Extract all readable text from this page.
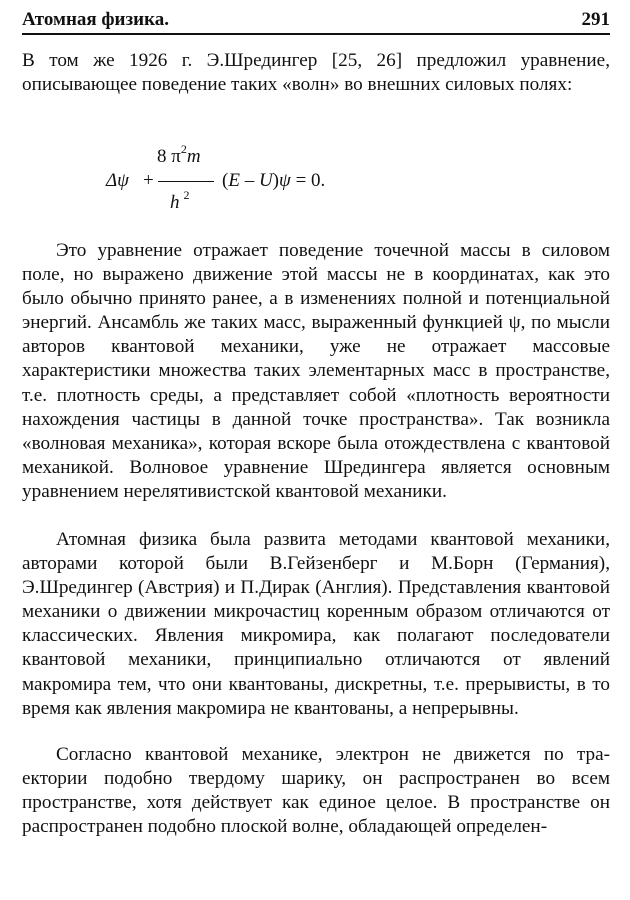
Атомная физика.	291
В том же 1926 г. Э.Шредингер [25, 26] предложил уравнение, описывающее поведение таких «волн» во внешних силовых полях:
Δψ +
8 $\pi^2m$
h $^2$
(E – U)ψ = 0.
Это уравнение отражает поведение точечной массы в силовом поле, но выражено движение этой массы не в координатах, как это было обычно принято ранее, а в изменениях полной и потенциальной энергий. Ансамбль же таких масс, выраженный функцией ψ, по мысли авторов квантовой механики, уже не отражает массовые характеристики множества таких элементарных масс в пространстве, т.е. плотность среды, а представляет собой «плотность вероятности нахождения частицы в данной точке пространства». Так возникла «волновая механика», которая вскоре была отождествлена с квантовой механикой. Волновое уравнение Шредингера является основным уравнением нерелятивистской квантовой механики.
Атомная физика была развита методами квантовой механики, авторами которой были В.Гейзенберг и М.Борн (Германия), Э.Шредингер (Австрия) и П.Дирак (Англия). Представления квантовой механики о движении микрочастиц коренным образом отличаются от классических. Явления микромира, как полагают последователи квантовой механики, принципиально отличаются от явлений макромира тем, что они квантованы, дискретны, т.е. прерывисты, в то время как явления макромира не квантованы, а непрерывны.
Согласно квантовой механике, электрон не движется по траектории подобно твердому шарику, он распространен во всем пространстве, хотя действует как единое целое. В пространстве он распространен подобно плоской волне, обладающей определен-
